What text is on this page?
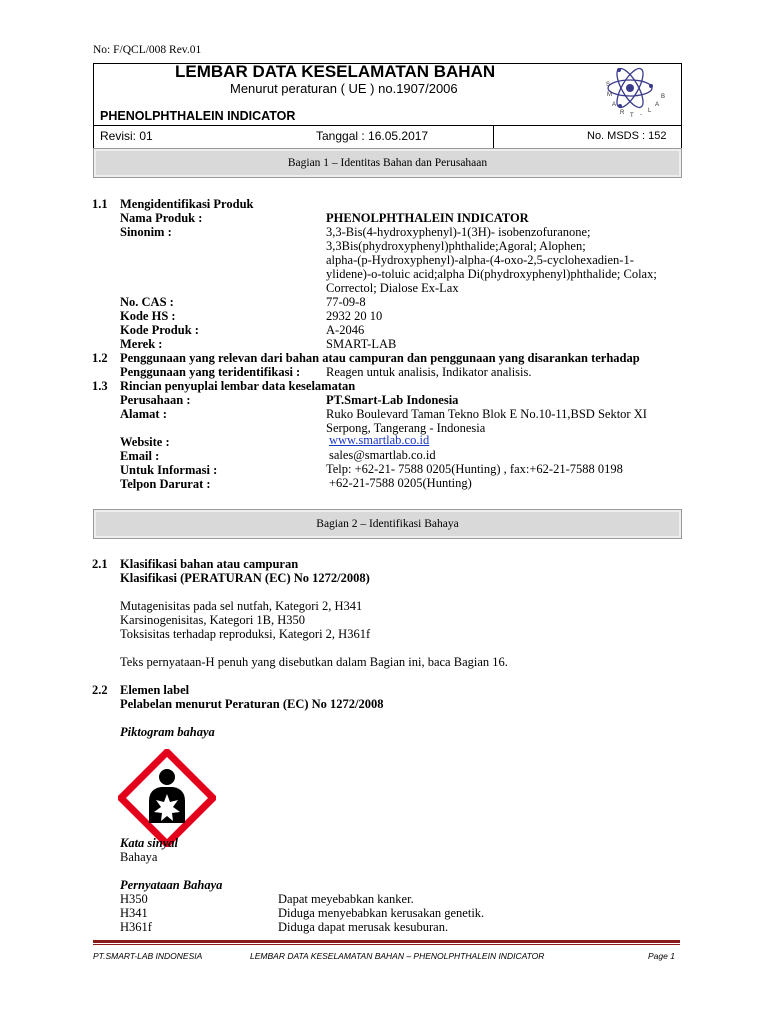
No: F/QCL/008 Rev.01
LEMBAR DATA KESELAMATAN BAHAN
Menurut peraturan ( UE ) no.1907/2006
PHENOLPHTHALEIN INDICATOR
S
M
A
R T -
L
A
B
Revisi: 01	Tanggal : 16.05.2017	No. MSDS : 152
Bagian 1 – Identitas Bahan dan Perusahaan
1.1 Mengidentifikasi Produk
Nama Produk :	PHENOLPHTHALEIN INDICATOR
Sinonim :	3,3-Bis(4-hydroxyphenyl)-1(3H)- isobenzofuranone;
3,3Bis(phydroxyphenyl)phthalide;Agoral; Alophen;
alpha-(p-Hydroxyphenyl)-alpha-(4-oxo-2,5-cyclohexadien-1-
ylidene)-o-toluic acid;alpha Di(phydroxyphenyl)phthalide; Colax;
Correctol; Dialose Ex-Lax
No. CAS :	77-09-8
Kode HS :	2932 20 10
Kode Produk :	A-2046
Merek :	SMART-LAB
1.2 Penggunaan yang relevan dari bahan atau campuran dan penggunaan yang disarankan terhadap
Penggunaan yang teridentifikasi : Reagen untuk analisis, Indikator analisis.
1.3 Rincian penyuplai lembar data keselamatan
Perusahaan :	PT.Smart-Lab Indonesia
Alamat :	Ruko Boulevard Taman Tekno Blok E No.10-11,BSD Sektor XI
Serpong, Tangerang - Indonesia
Website :	www.smartlab.co.id
Email :	sales@smartlab.co.id
Untuk Informasi :	Telp: +62-21- 7588 0205(Hunting) , fax:+62-21-7588 0198
Telpon Darurat :	+62-21-7588 0205(Hunting)
Bagian 2 – Identifikasi Bahaya
2.1 Klasifikasi bahan atau campuran
Klasifikasi (PERATURAN (EC) No 1272/2008)
Mutagenisitas pada sel nutfah, Kategori 2, H341
Karsinogenisitas, Kategori 1B, H350
Toksisitas terhadap reproduksi, Kategori 2, H361f
Teks pernyataan-H penuh yang disebutkan dalam Bagian ini, baca Bagian 16.
2.2 Elemen label
Pelabelan menurut Peraturan (EC) No 1272/2008
Piktogram bahaya
Kata sinyal
Bahaya
Pernyataan Bahaya
H350	Dapat meyebabkan kanker.
H341	Diduga menyebabkan kerusakan genetik.
H361f	Diduga dapat merusak kesuburan.
PT.SMART-LAB INDONESIA	LEMBAR DATA KESELAMATAN BAHAN – PHENOLPHTHALEIN INDICATOR	Page 1
